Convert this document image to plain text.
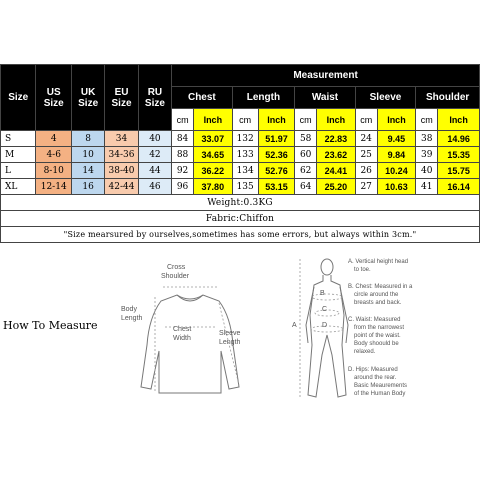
Size	US Size	UK Size	EU Size	RU Size	Measurement									
					Chest		Length		Waist		Sleeve		Shoulder	
					cm	Inch	cm	Inch	cm	Inch	cm	Inch	cm	Inch
S	4	8	34	40	84	33.07	132	51.97	58	22.83	24	9.45	38	14.96
M	4-6	10	34-36	42	88	34.65	133	52.36	60	23.62	25	9.84	39	15.35
L	8-10	14	38-40	44	92	36.22	134	52.76	62	24.41	26	10.24	40	15.75
XL	12-14	16	42-44	46	96	37.80	135	53.15	64	25.20	27	10.63	41	16.14
Weight:0.3KG														
Fabric:Chiffon														
"Size mearsured by ourselves,sometimes has some errors, but always within 3cm."														
How To Measure
Cross
Shoulder
Body
Length
Chest
Width
Sleeve
Length
A
B
C
D
A. Vertical height head
to toe.
B. Chest: Measured in a
circle around the
breasts and back.
C. Waist: Measured
from the narrowest
point of the waist.
Body shoould be
relaxed.
D. Hips: Measured
around the rear.
Basic Meaurements
of the Human Body
